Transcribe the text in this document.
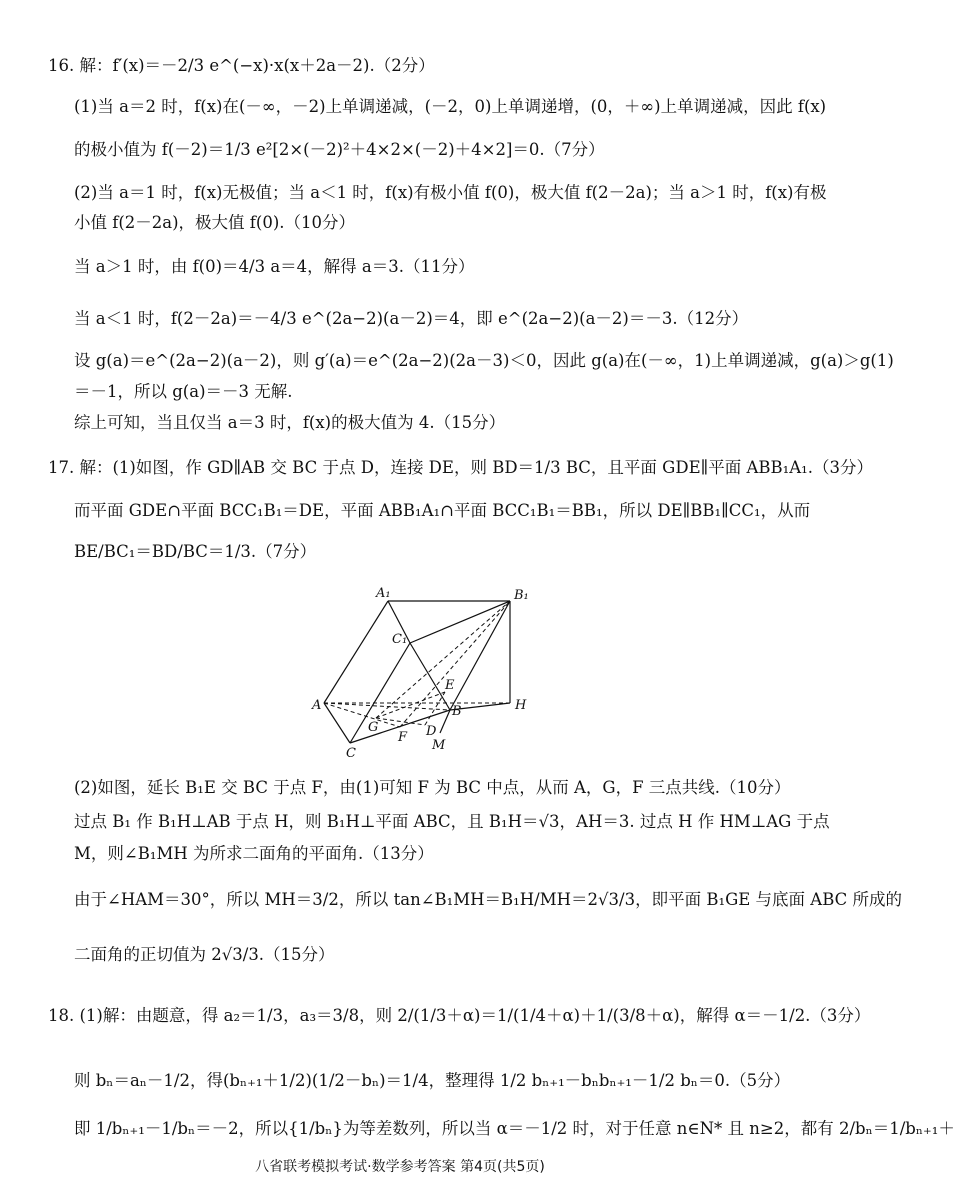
16. 解：f′(x)＝－2/3 e^(−x)·x(x＋2a－2).（2分）
(1)当 a＝2 时，f(x)在(－∞，－2)上单调递减，(－2，0)上单调递增，(0，＋∞)上单调递减，因此 f(x)
的极小值为 f(－2)＝1/3 e²[2×(－2)²＋4×2×(－2)＋4×2]＝0.（7分）
(2)当 a＝1 时，f(x)无极值；当 a＜1 时，f(x)有极小值 f(0)，极大值 f(2－2a)；当 a＞1 时，f(x)有极
小值 f(2－2a)，极大值 f(0).（10分）
当 a＞1 时，由 f(0)＝4/3 a＝4，解得 a＝3.（11分）
当 a＜1 时，f(2－2a)＝－4/3 e^(2a−2)(a－2)＝4，即 e^(2a−2)(a－2)＝－3.（12分）
设 g(a)＝e^(2a−2)(a－2)，则 g′(a)＝e^(2a−2)(2a－3)＜0，因此 g(a)在(－∞，1)上单调递减，g(a)＞g(1)
＝－1，所以 g(a)＝－3 无解.
综上可知，当且仅当 a＝3 时，f(x)的极大值为 4.（15分）
17. 解：(1)如图，作 GD∥AB 交 BC 于点 D，连接 DE，则 BD＝1/3 BC，且平面 GDE∥平面 ABB₁A₁.（3分）
而平面 GDE∩平面 BCC₁B₁＝DE，平面 ABB₁A₁∩平面 BCC₁B₁＝BB₁，所以 DE∥BB₁∥CC₁，从而
BE/BC₁＝BD/BC＝1/3.（7分）
A₁	B₁
C₁
A	B
C
E
G
F D
H
M
(2)如图，延长 B₁E 交 BC 于点 F，由(1)可知 F 为 BC 中点，从而 A，G，F 三点共线.（10分）
过点 B₁ 作 B₁H⊥AB 于点 H，则 B₁H⊥平面 ABC，且 B₁H＝√3，AH＝3. 过点 H 作 HM⊥AG 于点
M，则∠B₁MH 为所求二面角的平面角.（13分）
由于∠HAM＝30°，所以 MH＝3/2，所以 tan∠B₁MH＝B₁H/MH＝2√3/3，即平面 B₁GE 与底面 ABC 所成的
二面角的正切值为 2√3/3.（15分）
18. (1)解：由题意，得 a₂＝1/3，a₃＝3/8，则 2/(1/3＋α)＝1/(1/4＋α)＋1/(3/8＋α)，解得 α＝－1/2.（3分）
则 bₙ＝aₙ－1/2，得(bₙ₊₁＋1/2)(1/2－bₙ)＝1/4，整理得 1/2 bₙ₊₁－bₙbₙ₊₁－1/2 bₙ＝0.（5分）
即 1/bₙ₊₁－1/bₙ＝－2，所以{1/bₙ}为等差数列，所以当 α＝－1/2 时，对于任意 n∈N* 且 n≥2，都有 2/bₙ＝1/bₙ₊₁＋
八省联考模拟考试·数学参考答案 第4页(共5页)
